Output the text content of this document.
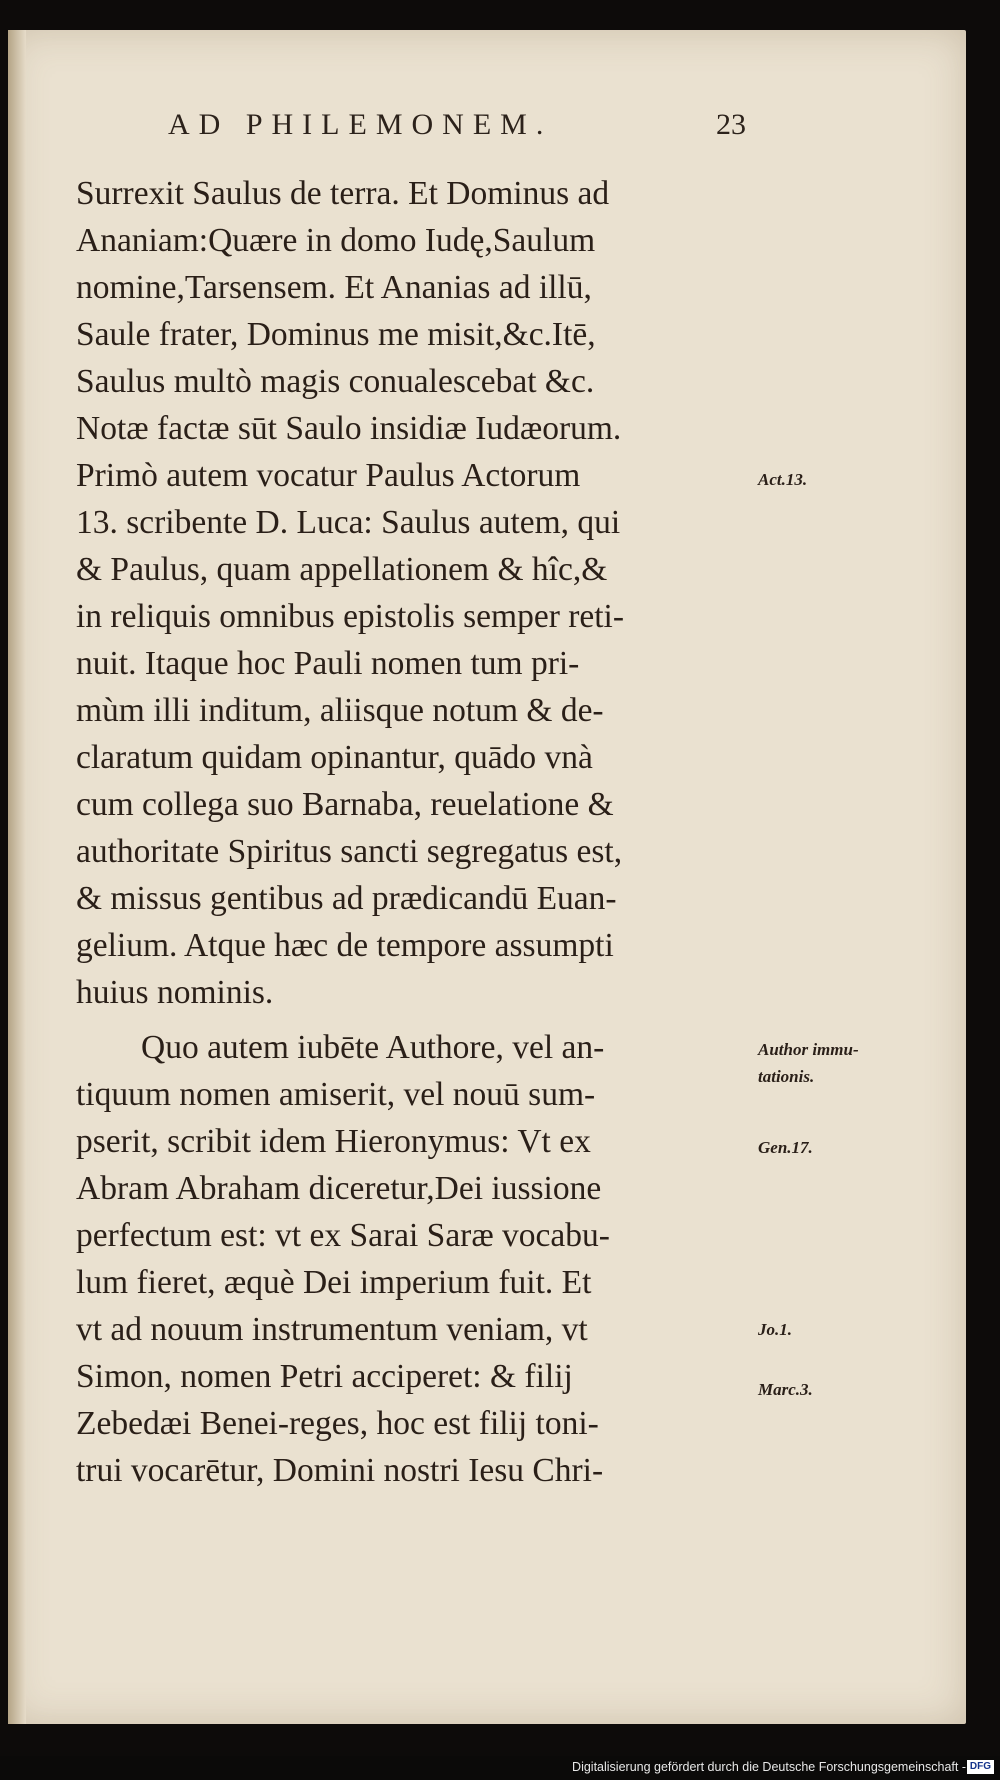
AD PHILEMONEM.	23
Surrexit Saulus de terra. Et Dominus ad
Ananiam:Quære in domo Iudę,Saulum
nomine,Tarsensem. Et Ananias ad illū,
Saule frater, Dominus me misit,&c.Itē,
Saulus multò magis conualescebat &c.
Notæ factæ sūt Saulo insidiæ Iudæorum.
Primò autem vocatur Paulus Actorum
13. scribente D. Luca: Saulus autem, qui
& Paulus, quam appellationem & hîc,&
in reliquis omnibus epistolis semper reti-
nuit. Itaque hoc Pauli nomen tum pri-
mùm illi inditum, aliisque notum & de-
claratum quidam opinantur, quādo vnà
cum collega suo Barnaba, reuelatione &
authoritate Spiritus sancti segregatus est,
& missus gentibus ad prædicandū Euan-
gelium. Atque hæc de tempore assumpti
huius nominis.
Quo autem iubēte Authore, vel an-
tiquum nomen amiserit, vel nouū sum-
pserit, scribit idem Hieronymus: Vt ex
Abram Abraham diceretur,Dei iussione
perfectum est: vt ex Sarai Saræ vocabu-
lum fieret, æquè Dei imperium fuit. Et
vt ad nouum instrumentum veniam, vt
Simon, nomen Petri acciperet: & filij
Zebedæi Benei-reges, hoc est filij toni-
trui vocarētur, Domini nostri Iesu Chri-
Act.13.
Author immu-
tationis.
Gen.17.
Jo.1.
Marc.3.
Digitalisierung gefördert durch die Deutsche Forschungsgemeinschaft - DFG
